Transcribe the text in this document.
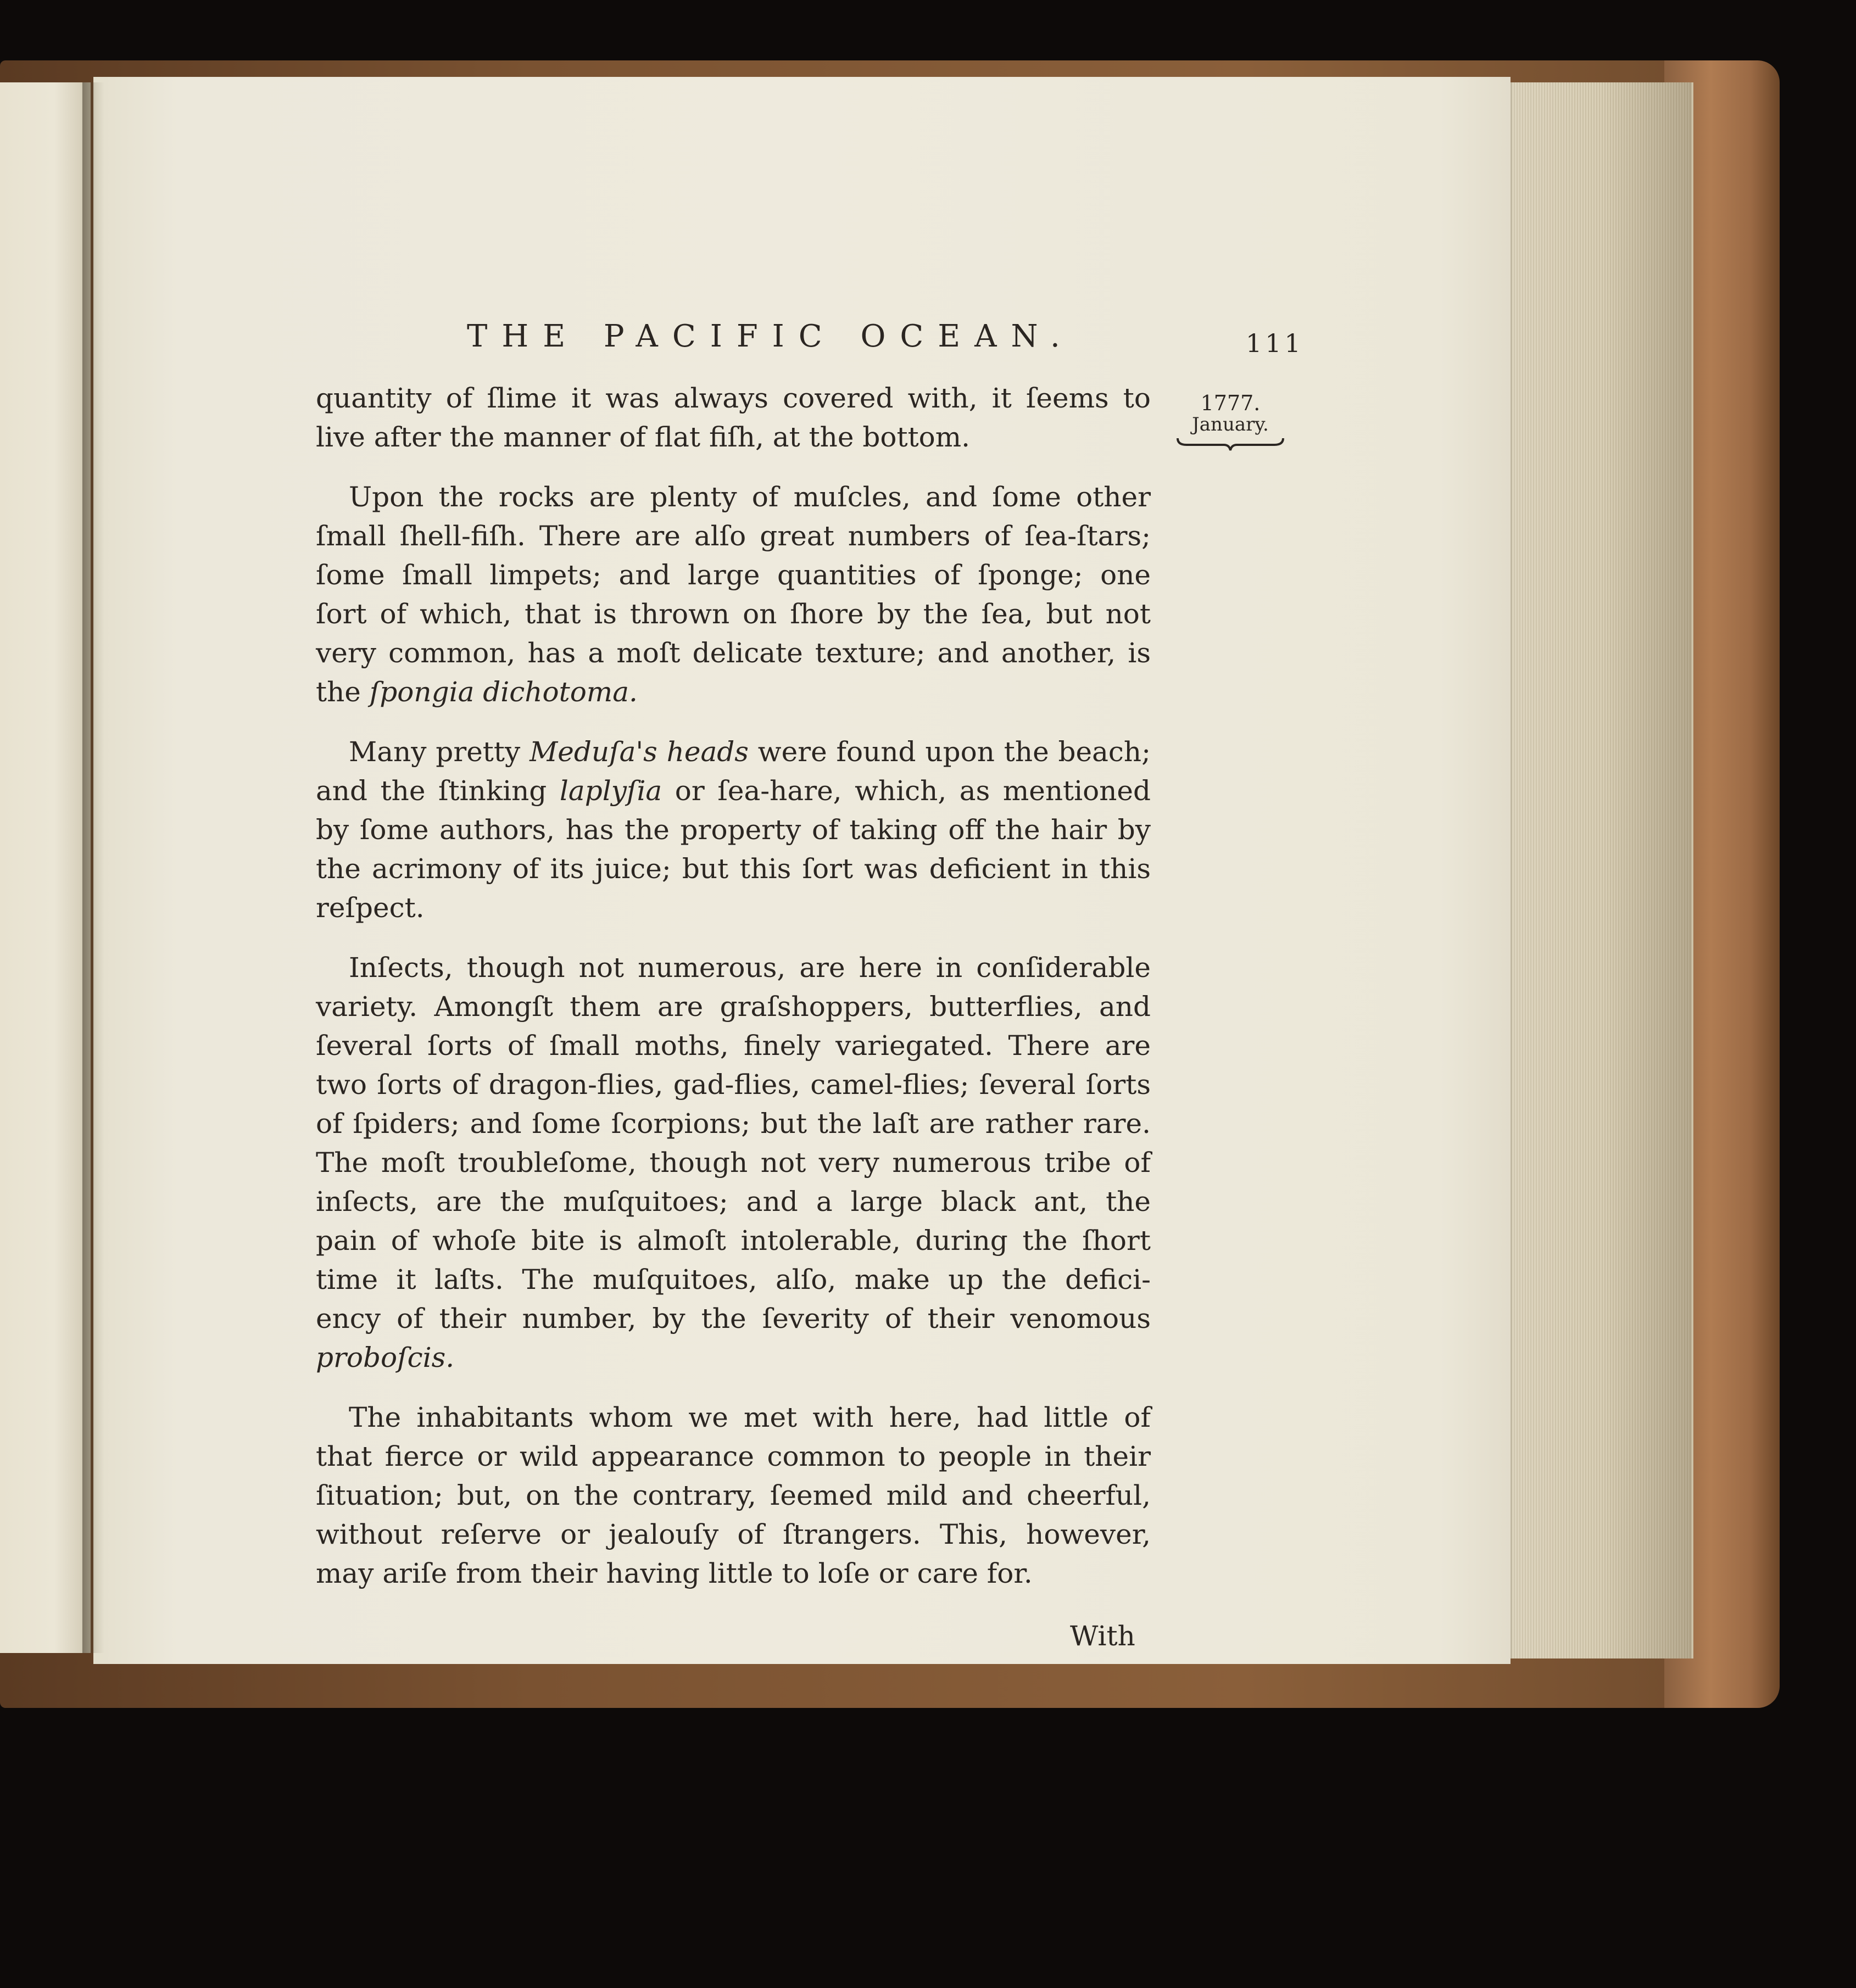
THE PACIFIC OCEAN.	111
1777.
January.
quantity of ſlime it was always covered with, it ſeems to
live after the manner of flat fiſh, at the bottom.
Upon the rocks are plenty of muſcles, and ſome other
ſmall ſhell-fiſh. There are alſo great numbers of ſea-ſtars;
ſome ſmall limpets; and large quantities of ſponge; one
ſort of which, that is thrown on ſhore by the ſea, but not
very common, has a moſt delicate texture; and another, is
the ſpongia dichotoma.
Many pretty Meduſa's heads were found upon the beach;
and the ſtinking laplyſia or ſea-hare, which, as mentioned
by ſome authors, has the property of taking off the hair by
the acrimony of its juice; but this ſort was deficient in this
reſpect.
Inſects, though not numerous, are here in conſiderable
variety. Amongſt them are graſshoppers, butterflies, and
ſeveral ſorts of ſmall moths, finely variegated. There are
two ſorts of dragon-flies, gad-flies, camel-flies; ſeveral ſorts
of ſpiders; and ſome ſcorpions; but the laſt are rather rare.
The moſt troubleſome, though not very numerous tribe of
inſects, are the muſquitoes; and a large black ant, the
pain of whoſe bite is almoſt intolerable, during the ſhort
time it laſts. The muſquitoes, alſo, make up the defici-
ency of their number, by the ſeverity of their venomous
proboſcis.
The inhabitants whom we met with here, had little of
that fierce or wild appearance common to people in their
ſituation; but, on the contrary, ſeemed mild and cheerful,
without reſerve or jealouſy of ſtrangers. This, however,
may ariſe from their having little to loſe or care for.
With
